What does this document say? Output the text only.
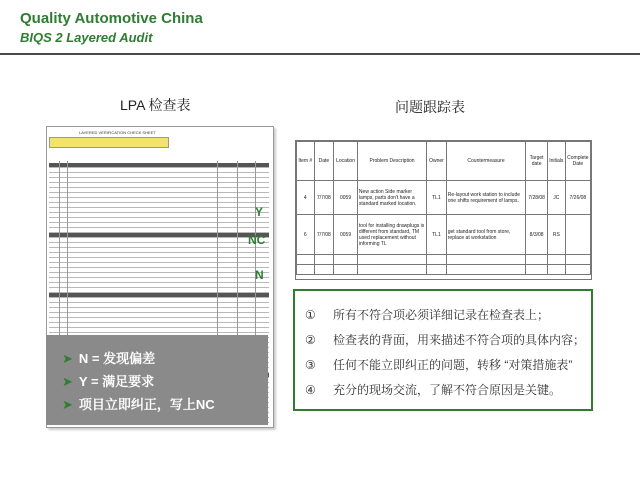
Quality Automotive China
BIQS 2 Layered Audit
LPA 检查表	问题跟踪表
LAYERED VERIFICATION CHECK SHEET
Y
NC
N
➤ N = 发现偏差
➤ Y = 满足要求
➤ 项目立即纠正，写上NC
Item #	Date	Location	Problem Description	Owner	Countermeasure	Target date	Initials	Complete Date
4	7/7/08	0059	New action Side marker lamps, parts don't have a standard marked location.	TL1	Re-layout work station to include one shifts requirement of lamps.	7/28/08	JC	7/26/08
6	7/7/08	0059	tool for installing drawplugs is different from standard, TM used replacement without informing TL	TL1	get standard tool from store, replace at workstation	8/3/08	RS	

① 所有不符合项必须详细记录在检查表上；
② 检查表的背面，用来描述不符合项的具体内容；
③ 任何不能立即纠正的问题，转移 “对策措施表”
④ 充分的现场交流，了解不符合原因是关键。
